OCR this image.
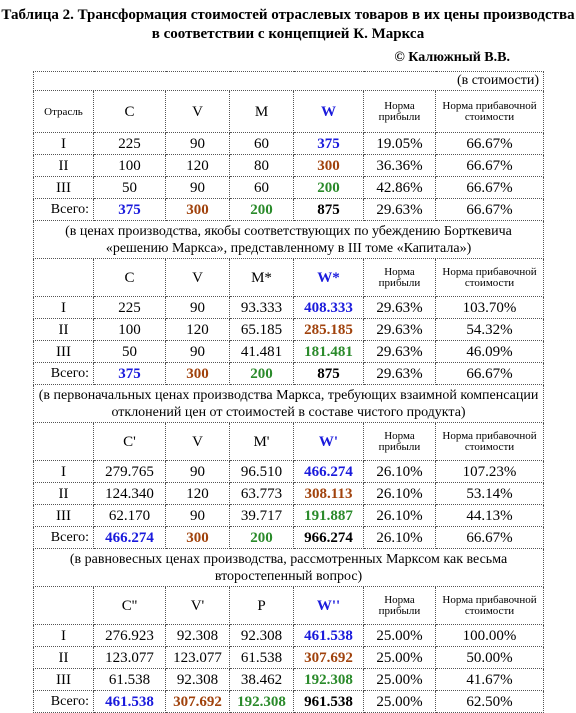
Таблица 2. Трансформация стоимостей отраслевых товаров в их цены производства в соответствии с концепцией К. Маркса
© Калюжный В.В.
(в стоимости)						
Отрасль	C	V	M	W	Норма прибыли	Норма прибавочной стоимости
I	225	90	60	375	19.05%	66.67%
II	100	120	80	300	36.36%	66.67%
III	50	90	60	200	42.86%	66.67%
Всего:	375	300	200	875	29.63%	66.67%
(в ценах производства, якобы соответствующих по убеждению Борткевича «решению Маркса», представленному в III томе «Капитала»)						
	C	V	M*	W*	Норма прибыли	Норма прибавочной стоимости
I	225	90	93.333	408.333	29.63%	103.70%
II	100	120	65.185	285.185	29.63%	54.32%
III	50	90	41.481	181.481	29.63%	46.09%
Всего:	375	300	200	875	29.63%	66.67%
(в первоначальных ценах производства Маркса, требующих взаимной компенсации отклонений цен от стоимостей в составе чистого продукта)						
	C'	V	M'	W'	Норма прибыли	Норма прибавочной стоимости
I	279.765	90	96.510	466.274	26.10%	107.23%
II	124.340	120	63.773	308.113	26.10%	53.14%
III	62.170	90	39.717	191.887	26.10%	44.13%
Всего:	466.274	300	200	966.274	26.10%	66.67%
(в равновесных ценах производства, рассмотренных Марксом как весьма второстепенный вопрос)						
	C''	V'	P	W''	Норма прибыли	Норма прибавочной стоимости
I	276.923	92.308	92.308	461.538	25.00%	100.00%
II	123.077	123.077	61.538	307.692	25.00%	50.00%
III	61.538	92.308	38.462	192.308	25.00%	41.67%
Всего:	461.538	307.692	192.308	961.538	25.00%	62.50%
